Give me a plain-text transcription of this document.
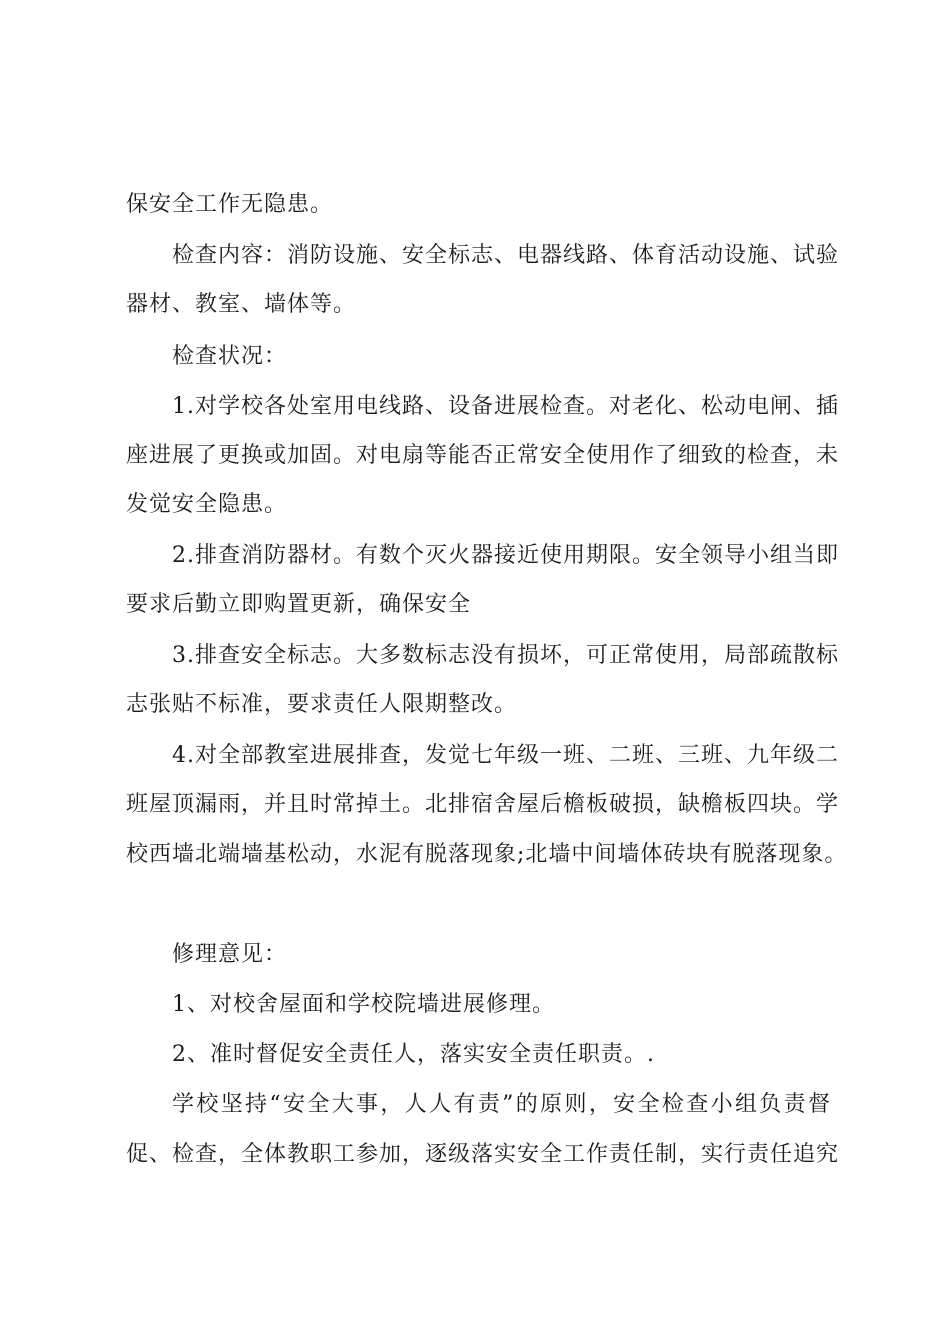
保安全工作无隐患。
检查内容：消防设施、安全标志、电器线路、体育活动设施、试验
器材、教室、墙体等。
检查状况：
1.对学校各处室用电线路、设备进展检查。对老化、松动电闸、插
座进展了更换或加固。对电扇等能否正常安全使用作了细致的检查，未
发觉安全隐患。
2.排查消防器材。有数个灭火器接近使用期限。安全领导小组当即
要求后勤立即购置更新，确保安全
3.排查安全标志。大多数标志没有损坏，可正常使用，局部疏散标
志张贴不标准，要求责任人限期整改。
4.对全部教室进展排查，发觉七年级一班、二班、三班、九年级二
班屋顶漏雨，并且时常掉土。北排宿舍屋后檐板破损，缺檐板四块。学
校西墙北端墙基松动，水泥有脱落现象;北墙中间墙体砖块有脱落现象。
修理意见：
1、对校舍屋面和学校院墙进展修理。
2、准时督促安全责任人，落实安全责任职责。.
学校坚持“安全大事，人人有责”的原则，安全检查小组负责督
促、检查，全体教职工参加，逐级落实安全工作责任制，实行责任追究
